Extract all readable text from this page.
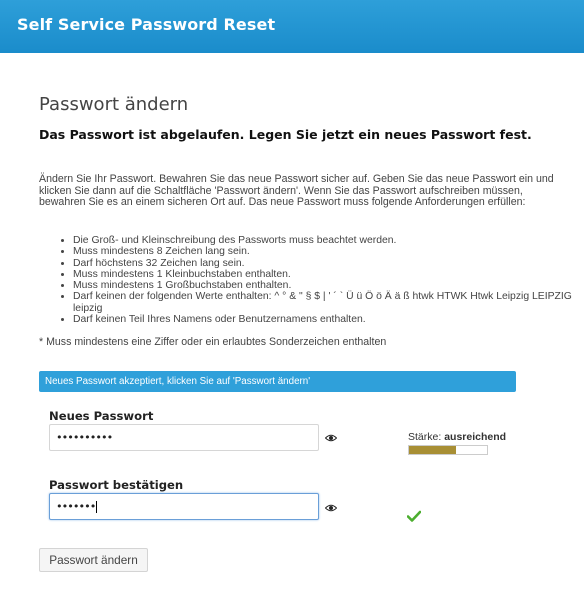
Self Service Password Reset
Passwort ändern
Das Passwort ist abgelaufen. Legen Sie jetzt ein neues Passwort fest.
Ändern Sie Ihr Passwort. Bewahren Sie das neue Passwort sicher auf. Geben Sie das neue Passwort ein und klicken Sie dann auf die Schaltfläche 'Passwort ändern'. Wenn Sie das Passwort aufschreiben müssen, bewahren Sie es an einem sicheren Ort auf. Das neue Passwort muss folgende Anforderungen erfüllen:
• Die Groß- und Kleinschreibung des Passworts muss beachtet werden.
• Muss mindestens 8 Zeichen lang sein.
• Darf höchstens 32 Zeichen lang sein.
• Muss mindestens 1 Kleinbuchstaben enthalten.
• Muss mindestens 1 Großbuchstaben enthalten.
• Darf keinen der folgenden Werte enthalten: ^ ° & " § $ | ' ´ ` Ü ü Ö ö Ä ä ß htwk HTWK Htwk Leipzig LEIPZIG leipzig
• Darf keinen Teil Ihres Namens oder Benutzernamens enthalten.
* Muss mindestens eine Ziffer oder ein erlaubtes Sonderzeichen enthalten
Neues Passwort akzeptiert, klicken Sie auf 'Passwort ändern'
Neues Passwort
••••••••••	Stärke: ausreichend
Passwort bestätigen
•••••••
Passwort ändern
